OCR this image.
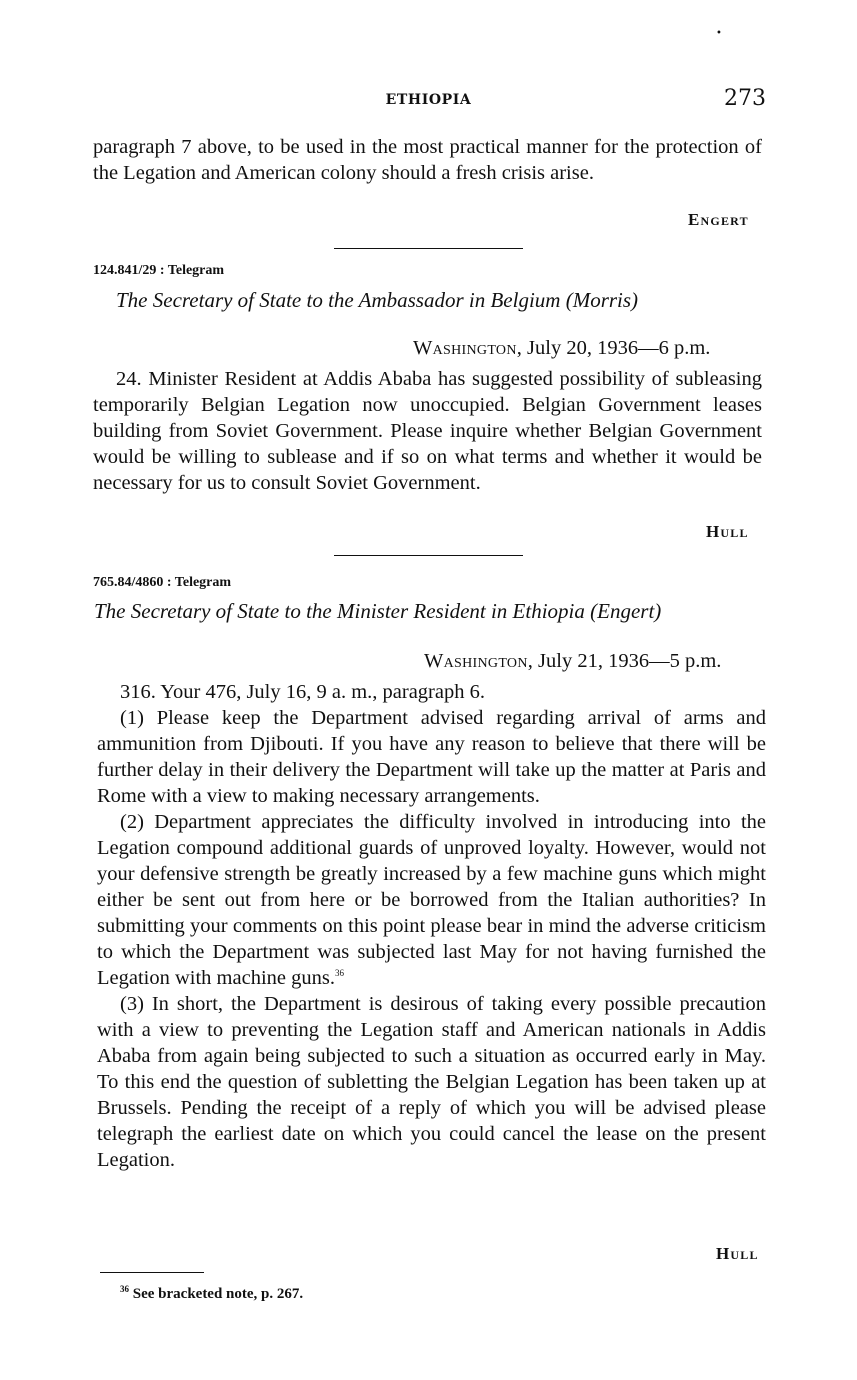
•
ETHIOPIA	273

paragraph 7 above, to be used in the most practical manner for the protection of the Legation and American colony should a fresh crisis arise.

Engert
124.841/29 : Telegram
The Secretary of State to the Ambassador in Belgium (Morris)
Washington, July 20, 1936—6 p.m.

24. Minister Resident at Addis Ababa has suggested possibility of subleasing temporarily Belgian Legation now unoccupied. Belgian Government leases building from Soviet Government. Please inquire whether Belgian Government would be willing to sublease and if so on what terms and whether it would be necessary for us to consult Soviet Government.

Hull
765.84/4860 : Telegram
The Secretary of State to the Minister Resident in Ethiopia (Engert)
Washington, July 21, 1936—5 p.m.

316. Your 476, July 16, 9 a. m., paragraph 6.

(1) Please keep the Department advised regarding arrival of arms and ammunition from Djibouti. If you have any reason to believe that there will be further delay in their delivery the Department will take up the matter at Paris and Rome with a view to making necessary arrangements.

(2) Department appreciates the difficulty involved in introducing into the Legation compound additional guards of unproved loyalty. However, would not your defensive strength be greatly increased by a few machine guns which might either be sent out from here or be borrowed from the Italian authorities? In submitting your comments on this point please bear in mind the adverse criticism to which the Department was subjected last May for not having furnished the Legation with machine guns.$^{36}$

(3) In short, the Department is desirous of taking every possible precaution with a view to preventing the Legation staff and American nationals in Addis Ababa from again being subjected to such a situation as occurred early in May. To this end the question of subletting the Belgian Legation has been taken up at Brussels. Pending the receipt of a reply of which you will be advised please telegraph the earliest date on which you could cancel the lease on the present Legation.

Hull
$^{36}$ See bracketed note, p. 267.
